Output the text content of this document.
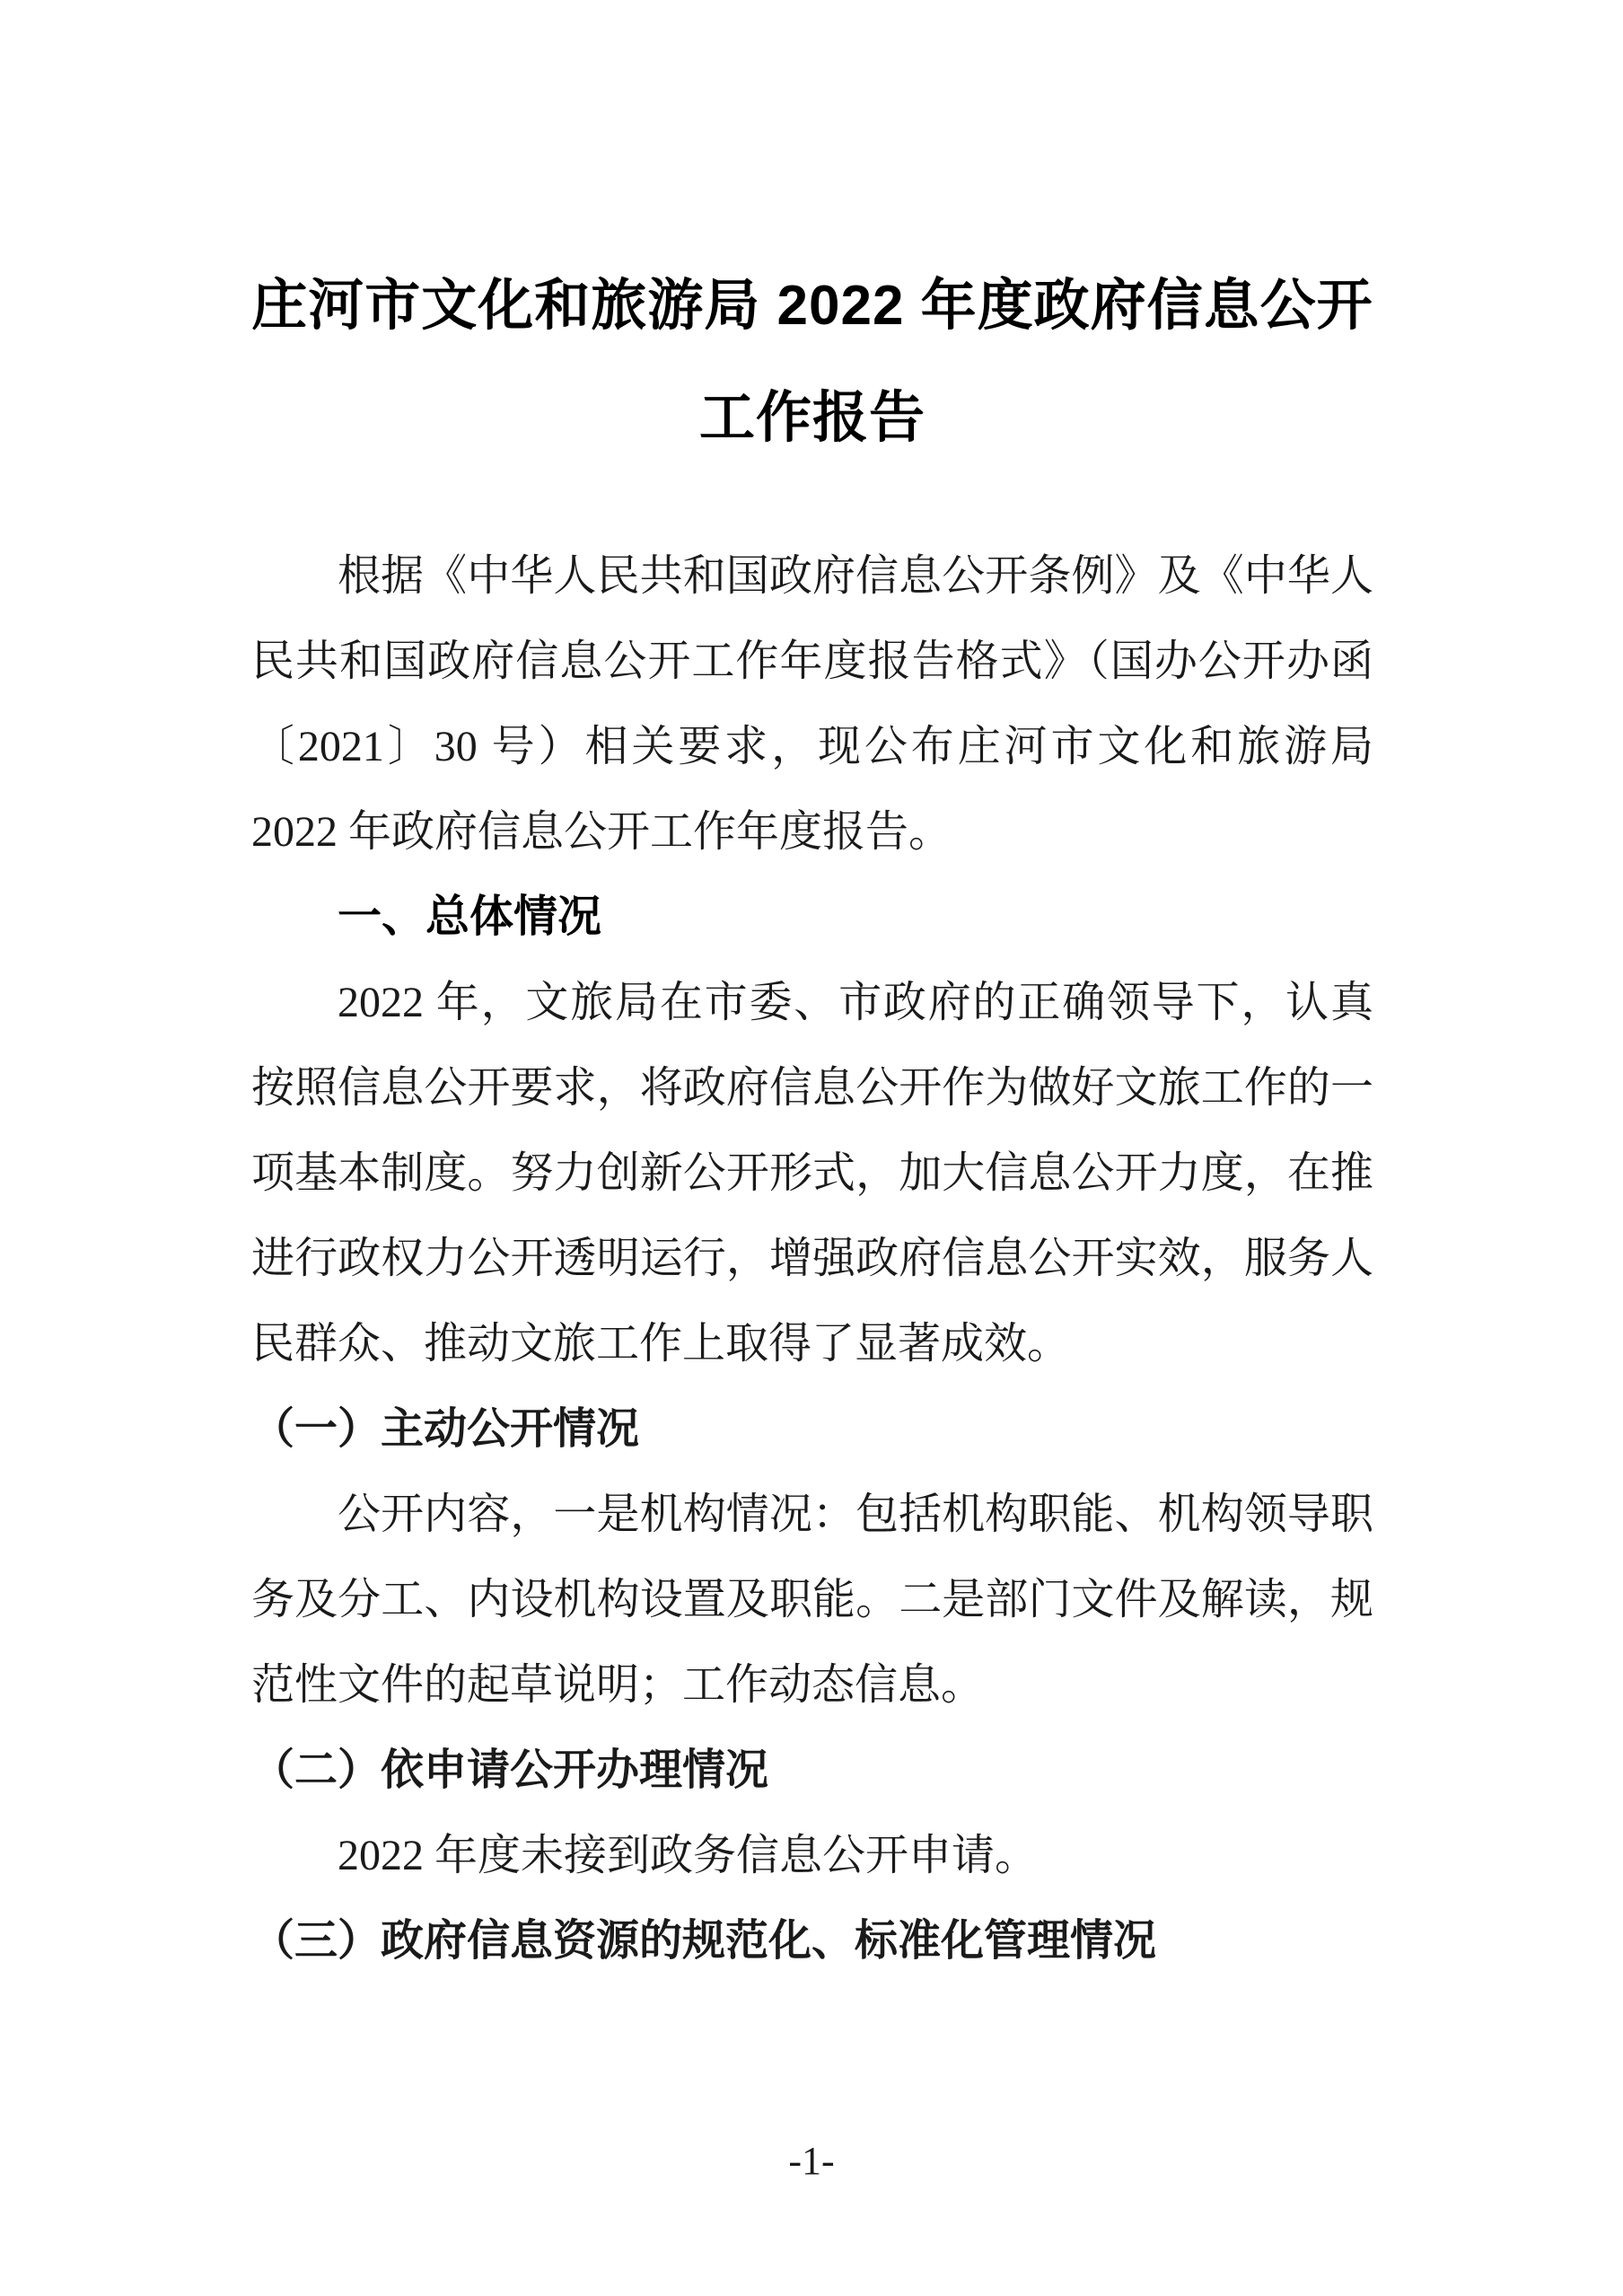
庄河市文化和旅游局 2022 年度政府信息公开工作报告

根据《中华人民共和国政府信息公开条例》及《中华人民共和国政府信息公开工作年度报告格式》（国办公开办函〔2021〕30 号）相关要求，现公布庄河市文化和旅游局 2022 年政府信息公开工作年度报告。

一、总体情况

2022 年，文旅局在市委、市政府的正确领导下，认真按照信息公开要求，将政府信息公开作为做好文旅工作的一项基本制度。努力创新公开形式，加大信息公开力度，在推进行政权力公开透明运行，增强政府信息公开实效，服务人民群众、推动文旅工作上取得了显著成效。

（一）主动公开情况

公开内容，一是机构情况：包括机构职能、机构领导职务及分工、内设机构设置及职能。二是部门文件及解读，规范性文件的起草说明；工作动态信息。

（二）依申请公开办理情况

2022 年度未接到政务信息公开申请。

（三）政府信息资源的规范化、标准化管理情况
-1-
